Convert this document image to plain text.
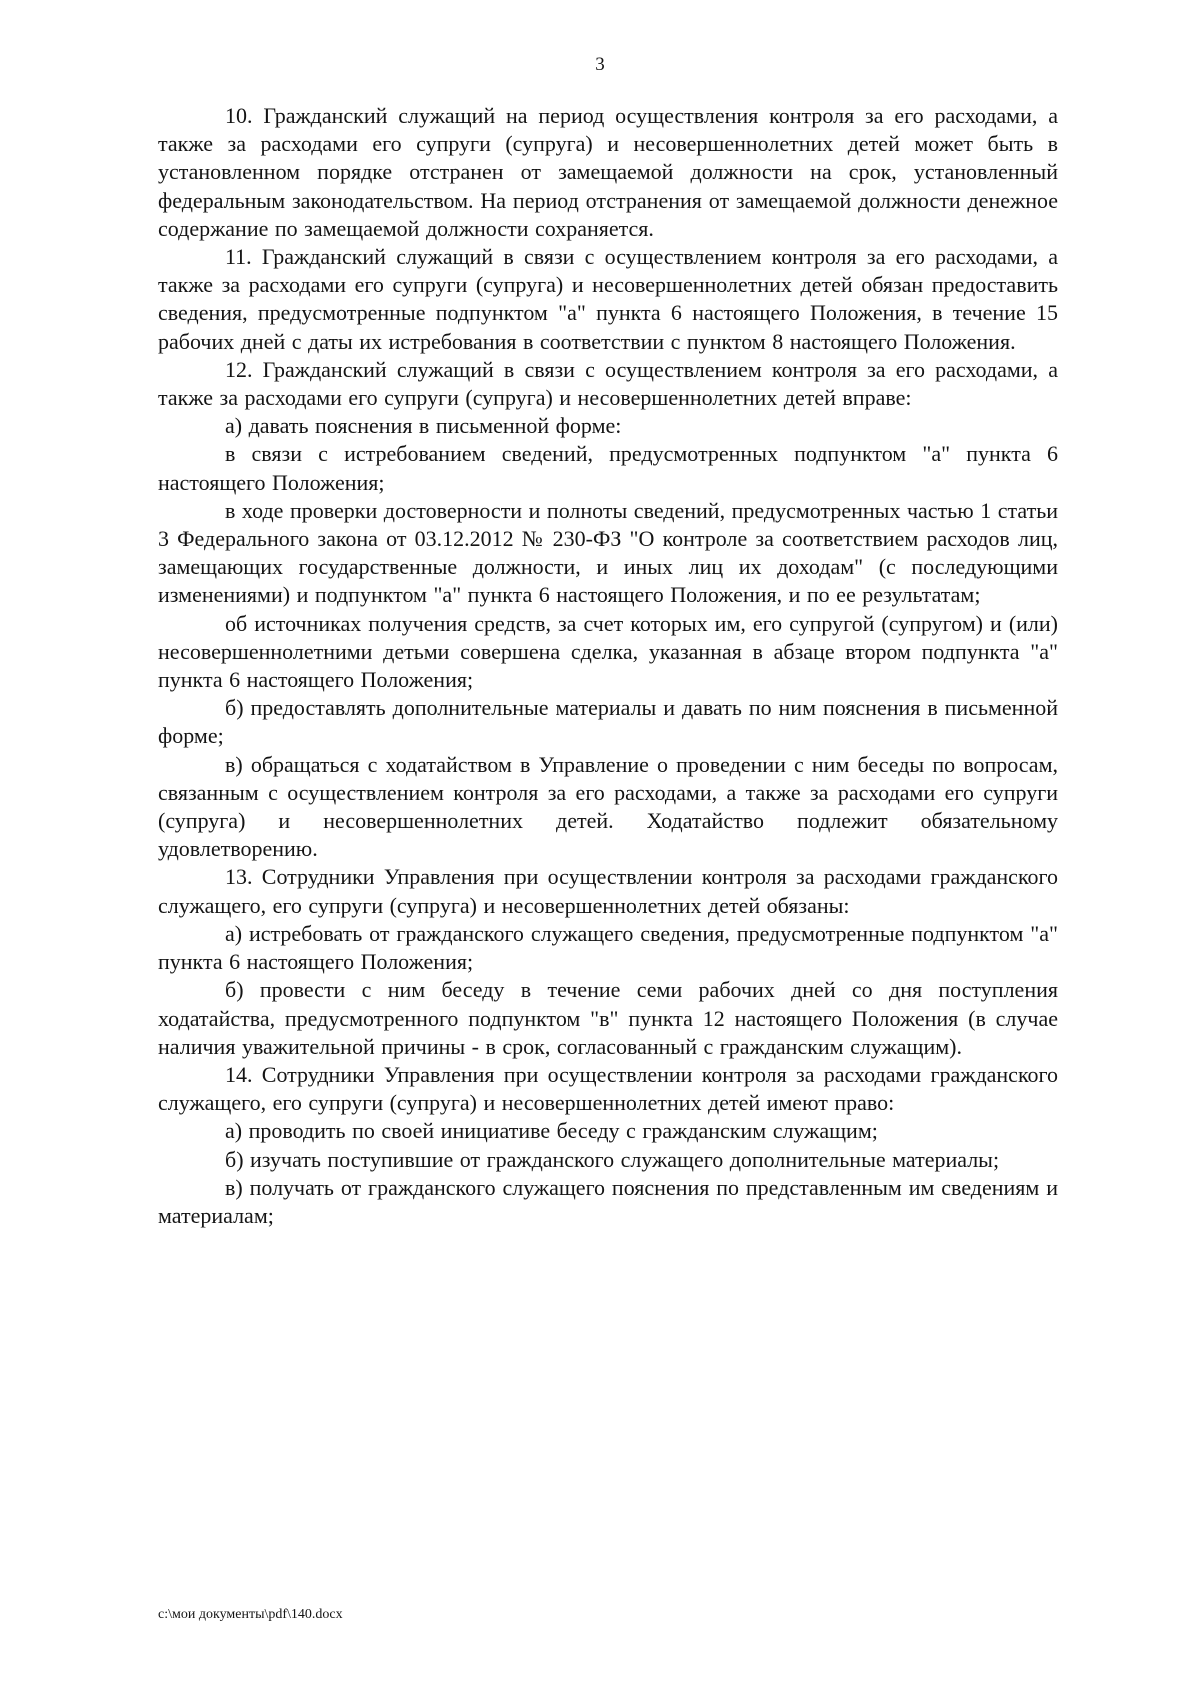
3

10. Гражданский служащий на период осуществления контроля за его расходами, а также за расходами его супруги (супруга) и несовершеннолетних детей может быть в установленном порядке отстранен от замещаемой должности на срок, установленный федеральным законодательством. На период отстранения от замещаемой должности денежное содержание по замещаемой должности сохраняется.

11. Гражданский служащий в связи с осуществлением контроля за его расходами, а также за расходами его супруги (супруга) и несовершеннолетних детей обязан предоставить сведения, предусмотренные подпунктом "а" пункта 6 настоящего Положения, в течение 15 рабочих дней с даты их истребования в соответствии с пунктом 8 настоящего Положения.

12. Гражданский служащий в связи с осуществлением контроля за его расходами, а также за расходами его супруги (супруга) и несовершеннолетних детей вправе:

а) давать пояснения в письменной форме:

в связи с истребованием сведений, предусмотренных подпунктом "а" пункта 6 настоящего Положения;

в ходе проверки достоверности и полноты сведений, предусмотренных частью 1 статьи 3 Федерального закона от 03.12.2012 № 230-ФЗ "О контроле за соответствием расходов лиц, замещающих государственные должности, и иных лиц их доходам" (с последующими изменениями) и подпунктом "а" пункта 6 настоящего Положения, и по ее результатам;

об источниках получения средств, за счет которых им, его супругой (супругом) и (или) несовершеннолетними детьми совершена сделка, указанная в абзаце втором подпункта "а" пункта 6 настоящего Положения;

б) предоставлять дополнительные материалы и давать по ним пояснения в письменной форме;

в) обращаться с ходатайством в Управление о проведении с ним беседы по вопросам, связанным с осуществлением контроля за его расходами, а также за расходами его супруги (супруга) и несовершеннолетних детей. Ходатайство подлежит обязательному удовлетворению.

13. Сотрудники Управления при осуществлении контроля за расходами гражданского служащего, его супруги (супруга) и несовершеннолетних детей обязаны:

а) истребовать от гражданского служащего сведения, предусмотренные подпунктом "а" пункта 6 настоящего Положения;

б) провести с ним беседу в течение семи рабочих дней со дня поступления ходатайства, предусмотренного подпунктом "в" пункта 12 настоящего Положения (в случае наличия уважительной причины - в срок, согласованный с гражданским служащим).

14. Сотрудники Управления при осуществлении контроля за расходами гражданского служащего, его супруги (супруга) и несовершеннолетних детей имеют право:

а) проводить по своей инициативе беседу с гражданским служащим;

б) изучать поступившие от гражданского служащего дополнительные материалы;

в) получать от гражданского служащего пояснения по представленным им сведениям и материалам;

с:\мои документы\pdf\140.docx
